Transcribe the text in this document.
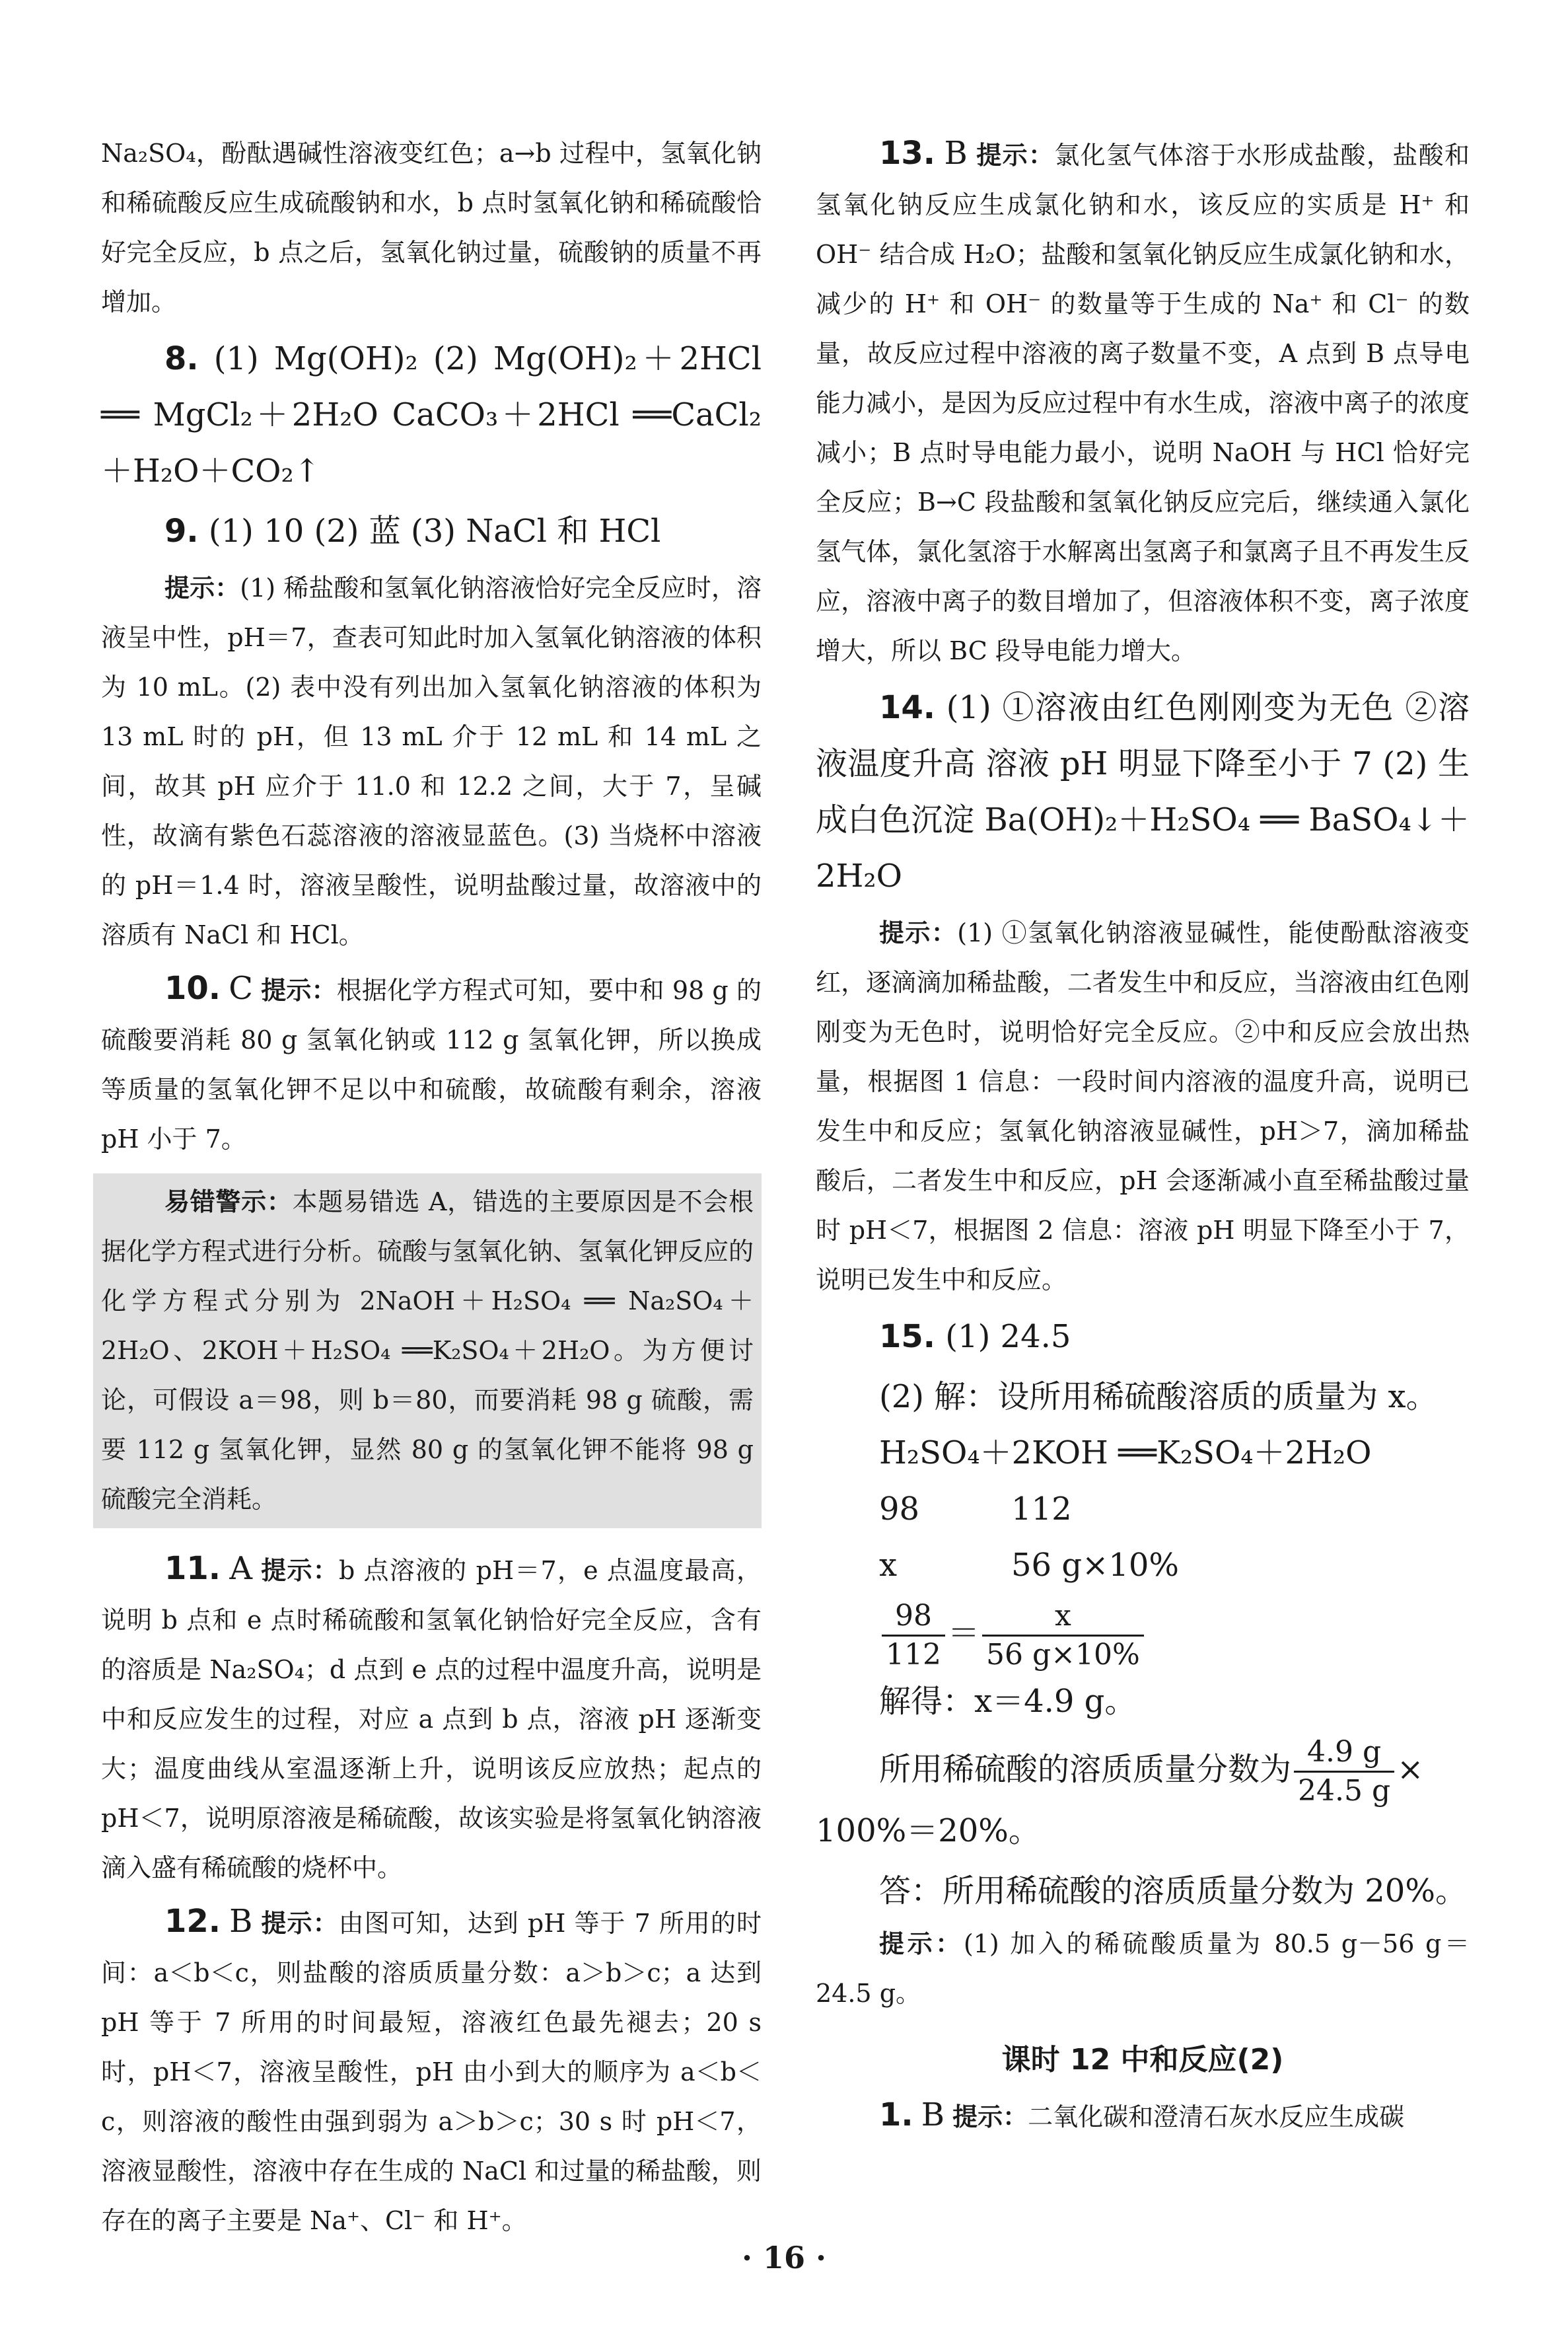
Na₂SO₄，酚酞遇碱性溶液变红色；a→b 过程中，氢氧化钠和稀硫酸反应生成硫酸钠和水，b 点时氢氧化钠和稀硫酸恰好完全反应，b 点之后，氢氧化钠过量，硫酸钠的质量不再增加。

8. (1) Mg(OH)₂ (2) Mg(OH)₂＋2HCl ══ MgCl₂＋2H₂O CaCO₃＋2HCl ══CaCl₂＋H₂O＋CO₂↑

9. (1) 10 (2) 蓝 (3) NaCl 和 HCl

提示：(1) 稀盐酸和氢氧化钠溶液恰好完全反应时，溶液呈中性，pH＝7，查表可知此时加入氢氧化钠溶液的体积为 10 mL。(2) 表中没有列出加入氢氧化钠溶液的体积为 13 mL 时的 pH，但 13 mL 介于 12 mL 和 14 mL 之间，故其 pH 应介于 11.0 和 12.2 之间，大于 7，呈碱性，故滴有紫色石蕊溶液的溶液显蓝色。(3) 当烧杯中溶液的 pH＝1.4 时，溶液呈酸性，说明盐酸过量，故溶液中的溶质有 NaCl 和 HCl。

10. C 提示：根据化学方程式可知，要中和 98 g 的硫酸要消耗 80 g 氢氧化钠或 112 g 氢氧化钾，所以换成等质量的氢氧化钾不足以中和硫酸，故硫酸有剩余，溶液 pH 小于 7。

易错警示：本题易错选 A，错选的主要原因是不会根据化学方程式进行分析。硫酸与氢氧化钠、氢氧化钾反应的化学方程式分别为 2NaOH＋H₂SO₄ ══ Na₂SO₄＋2H₂O、2KOH＋H₂SO₄ ══K₂SO₄＋2H₂O。为方便讨论，可假设 a＝98，则 b＝80，而要消耗 98 g 硫酸，需要 112 g 氢氧化钾，显然 80 g 的氢氧化钾不能将 98 g 硫酸完全消耗。

11. A 提示：b 点溶液的 pH＝7，e 点温度最高，说明 b 点和 e 点时稀硫酸和氢氧化钠恰好完全反应，含有的溶质是 Na₂SO₄；d 点到 e 点的过程中温度升高，说明是中和反应发生的过程，对应 a 点到 b 点，溶液 pH 逐渐变大；温度曲线从室温逐渐上升，说明该反应放热；起点的 pH＜7，说明原溶液是稀硫酸，故该实验是将氢氧化钠溶液滴入盛有稀硫酸的烧杯中。

12. B 提示：由图可知，达到 pH 等于 7 所用的时间：a＜b＜c，则盐酸的溶质质量分数：a＞b＞c；a 达到 pH 等于 7 所用的时间最短，溶液红色最先褪去；20 s 时，pH＜7，溶液呈酸性，pH 由小到大的顺序为 a＜b＜c，则溶液的酸性由强到弱为 a＞b＞c；30 s 时 pH＜7，溶液显酸性，溶液中存在生成的 NaCl 和过量的稀盐酸，则存在的离子主要是 Na⁺、Cl⁻ 和 H⁺。

13. B 提示：氯化氢气体溶于水形成盐酸，盐酸和氢氧化钠反应生成氯化钠和水，该反应的实质是 H⁺ 和 OH⁻ 结合成 H₂O；盐酸和氢氧化钠反应生成氯化钠和水，减少的 H⁺ 和 OH⁻ 的数量等于生成的 Na⁺ 和 Cl⁻ 的数量，故反应过程中溶液的离子数量不变，A 点到 B 点导电能力减小，是因为反应过程中有水生成，溶液中离子的浓度减小；B 点时导电能力最小，说明 NaOH 与 HCl 恰好完全反应；B→C 段盐酸和氢氧化钠反应完后，继续通入氯化氢气体，氯化氢溶于水解离出氢离子和氯离子且不再发生反应，溶液中离子的数目增加了，但溶液体积不变，离子浓度增大，所以 BC 段导电能力增大。

14. (1) ①溶液由红色刚刚变为无色 ②溶液温度升高 溶液 pH 明显下降至小于 7 (2) 生成白色沉淀 Ba(OH)₂＋H₂SO₄ ══ BaSO₄↓＋2H₂O

提示：(1) ①氢氧化钠溶液显碱性，能使酚酞溶液变红，逐滴滴加稀盐酸，二者发生中和反应，当溶液由红色刚刚变为无色时，说明恰好完全反应。②中和反应会放出热量，根据图 1 信息：一段时间内溶液的温度升高，说明已发生中和反应；氢氧化钠溶液显碱性，pH＞7，滴加稀盐酸后，二者发生中和反应，pH 会逐渐减小直至稀盐酸过量时 pH＜7，根据图 2 信息：溶液 pH 明显下降至小于 7，说明已发生中和反应。

15. (1) 24.5

(2) 解：设所用稀硫酸溶质的质量为 x。

H₂SO₄＋2KOH ══K₂SO₄＋2H₂O

98	112

x	56 g×10%

$\frac{98}{112} = \frac{x}{56 g\times 10\%}$

解得：x＝4.9 g。

所用稀硫酸的溶质质量分数为 $\frac{4.9 g}{24.5 g}$ ×

100%＝20%。

答：所用稀硫酸的溶质质量分数为 20%。

提示：(1) 加入的稀硫酸质量为 80.5 g－56 g＝24.5 g。

课时 12 中和反应(2)

1. B 提示：二氧化碳和澄清石灰水反应生成碳

· 16 ·
